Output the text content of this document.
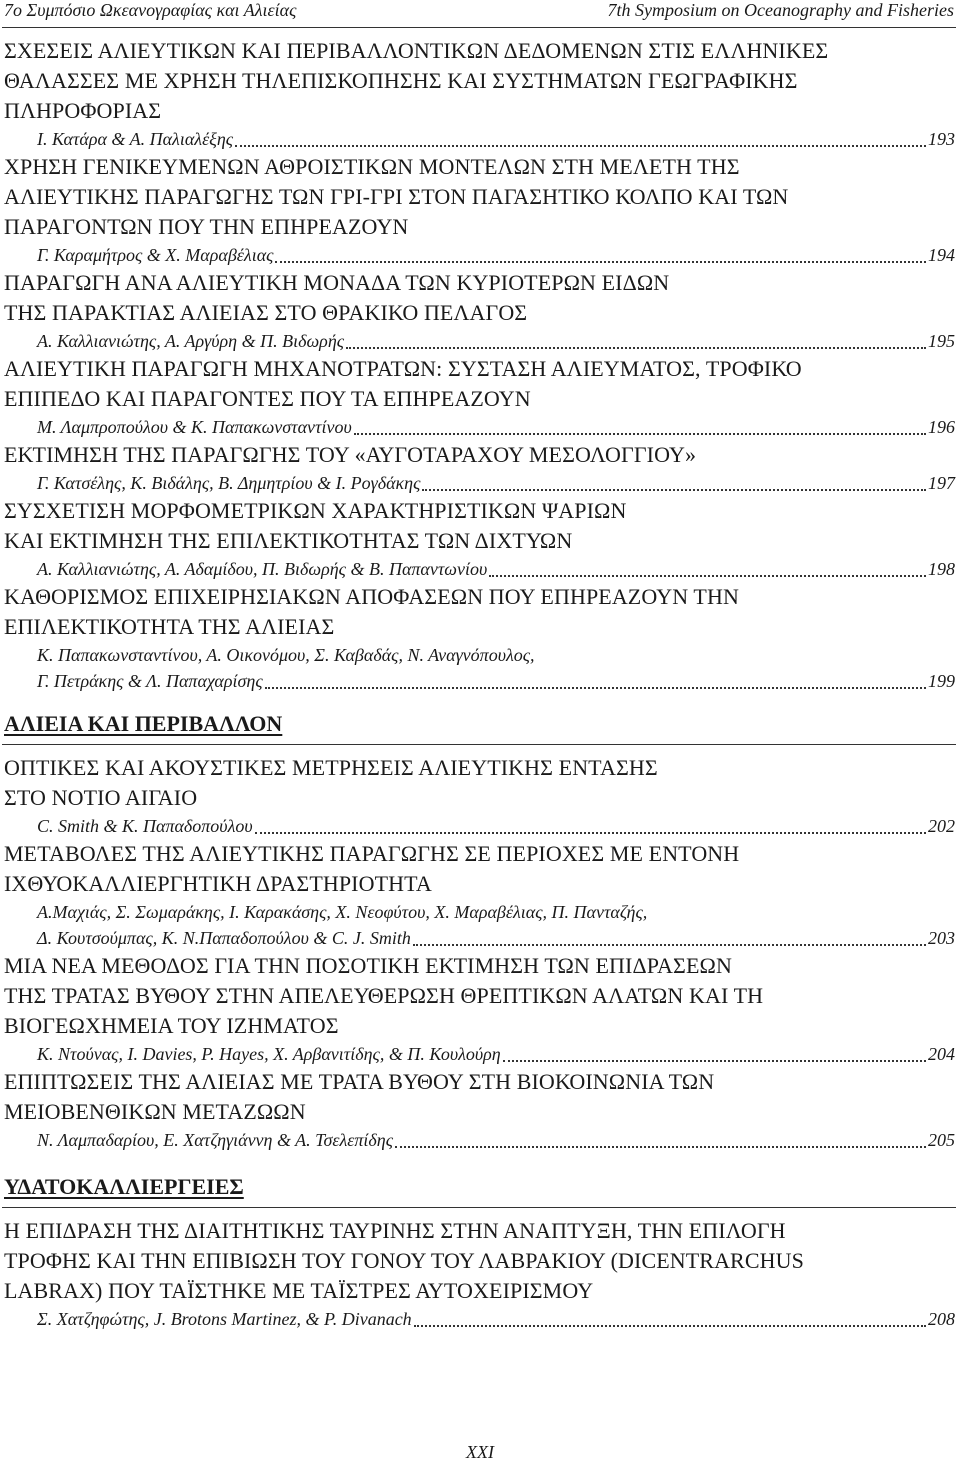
7ο Συμπόσιο Ωκεανογραφίας και Αλιείας	7th Symposium on Oceanography and Fisheries
ΣΧΕΣΕΙΣ ΑΛΙΕΥΤΙΚΩΝ ΚΑΙ ΠΕΡΙΒΑΛΛΟΝΤΙΚΩΝ ΔΕΔΟΜΕΝΩΝ ΣΤΙΣ ΕΛΛΗΝΙΚΕΣ
ΘΑΛΑΣΣΕΣ ΜΕ ΧΡΗΣΗ ΤΗΛΕΠΙΣΚΟΠΗΣΗΣ ΚΑΙ ΣΥΣΤΗΜΑΤΩΝ ΓΕΩΓΡΑΦΙΚΗΣ
ΠΛΗΡΟΦΟΡΙΑΣ
Ι. Κατάρα & Α. Παλιαλέξης	193
ΧΡΗΣΗ ΓΕΝΙΚΕΥΜΕΝΩΝ ΑΘΡΟΙΣΤΙΚΩΝ ΜΟΝΤΕΛΩΝ ΣΤΗ ΜΕΛΕΤΗ ΤΗΣ
ΑΛΙΕΥΤΙΚΗΣ ΠΑΡΑΓΩΓΗΣ ΤΩΝ ΓΡΙ-ΓΡΙ ΣΤΟΝ ΠΑΓΑΣΗΤΙΚΟ ΚΟΛΠΟ ΚΑΙ ΤΩΝ
ΠΑΡΑΓΟΝΤΩΝ ΠΟΥ ΤΗΝ ΕΠΗΡΕΑΖΟΥΝ
Γ. Καραμήτρος & Χ. Μαραβέλιας	194
ΠΑΡΑΓΩΓΗ ΑΝΑ ΑΛΙΕΥΤΙΚΗ ΜΟΝΑΔΑ ΤΩΝ ΚΥΡΙΟΤΕΡΩΝ ΕΙΔΩΝ
ΤΗΣ ΠΑΡΑΚΤΙΑΣ ΑΛΙΕΙΑΣ ΣΤΟ ΘΡΑΚΙΚΟ ΠΕΛΑΓΟΣ
Α. Καλλιανιώτης, Α. Αργύρη & Π. Βιδωρής	195
ΑΛΙΕΥΤΙΚΗ ΠΑΡΑΓΩΓΗ ΜΗΧΑΝΟΤΡΑΤΩΝ: ΣΥΣΤΑΣΗ ΑΛΙΕΥΜΑΤΟΣ, ΤΡΟΦΙΚΟ
ΕΠΙΠΕΔΟ ΚΑΙ ΠΑΡΑΓΟΝΤΕΣ ΠΟΥ ΤΑ ΕΠΗΡΕΑΖΟΥΝ
Μ. Λαμπροπούλου & Κ. Παπακωνσταντίνου	196
ΕΚΤΙΜΗΣΗ ΤΗΣ ΠΑΡΑΓΩΓΗΣ ΤΟΥ «ΑΥΓΟΤΑΡΑΧΟΥ ΜΕΣΟΛΟΓΓΙΟΥ»
Γ. Κατσέλης, Κ. Βιδάλης, Β. Δημητρίου & Ι. Ρογδάκης	197
ΣΥΣΧΕΤΙΣΗ ΜΟΡΦΟΜΕΤΡΙΚΩΝ ΧΑΡΑΚΤΗΡΙΣΤΙΚΩΝ ΨΑΡΙΩΝ
ΚΑΙ ΕΚΤΙΜΗΣΗ ΤΗΣ ΕΠΙΛΕΚΤΙΚΟΤΗΤΑΣ ΤΩΝ ΔΙΧΤΥΩΝ
Α. Καλλιανιώτης, Α. Αδαμίδου, Π. Βιδωρής & Β. Παπαντωνίου	198
ΚΑΘΟΡΙΣΜΟΣ ΕΠΙΧΕΙΡΗΣΙΑΚΩΝ ΑΠΟΦΑΣΕΩΝ ΠΟΥ ΕΠΗΡΕΑΖΟΥΝ ΤΗΝ
ΕΠΙΛΕΚΤΙΚΟΤΗΤΑ ΤΗΣ ΑΛΙΕΙΑΣ
Κ. Παπακωνσταντίνου, Α. Οικονόμου, Σ. Καβαδάς, Ν. Αναγνόπουλος,
Γ. Πετράκης & Λ. Παπαχαρίσης	199
ΑΛΙΕΙΑ ΚΑΙ ΠΕΡΙΒΑΛΛΟΝ
ΟΠΤΙΚΕΣ ΚΑΙ ΑΚΟΥΣΤΙΚΕΣ ΜΕΤΡΗΣΕΙΣ ΑΛΙΕΥΤΙΚΗΣ ΕΝΤΑΣΗΣ
ΣΤΟ ΝΟΤΙΟ ΑΙΓΑΙΟ
C. Smith & Κ. Παπαδοπούλου	202
ΜΕΤΑΒΟΛΕΣ ΤΗΣ ΑΛΙΕΥΤΙΚΗΣ ΠΑΡΑΓΩΓΗΣ ΣΕ ΠΕΡΙΟΧΕΣ ΜΕ ΕΝΤΟΝΗ
ΙΧΘΥΟΚΑΛΛΙΕΡΓΗΤΙΚΗ ΔΡΑΣΤΗΡΙΟΤΗΤΑ
Α.Μαχιάς, Σ. Σωμαράκης, Ι. Καρακάσης, Χ. Νεοφύτου, Χ. Μαραβέλιας, Π. Πανταζής,
Δ. Κουτσούμπας, Κ. Ν.Παπαδοπούλου & C. J. Smith	203
ΜΙΑ ΝΕΑ ΜΕΘΟΔΟΣ ΓΙΑ ΤΗΝ ΠΟΣΟΤΙΚΗ ΕΚΤΙΜΗΣΗ ΤΩΝ ΕΠΙΔΡΑΣΕΩΝ
ΤΗΣ ΤΡΑΤΑΣ ΒΥΘΟΥ ΣΤΗΝ ΑΠΕΛΕΥΘΕΡΩΣΗ ΘΡΕΠΤΙΚΩΝ ΑΛΑΤΩΝ ΚΑΙ ΤΗ
ΒΙΟΓΕΩΧΗΜΕΙΑ ΤΟΥ ΙΖΗΜΑΤΟΣ
Κ. Ντούνας, I. Davies, P. Hayes, Χ. Αρβανιτίδης, & Π. Κουλούρη	204
ΕΠΙΠΤΩΣΕΙΣ ΤΗΣ ΑΛΙΕΙΑΣ ΜΕ ΤΡΑΤΑ ΒΥΘΟΥ ΣΤΗ ΒΙΟΚΟΙΝΩΝΙΑ ΤΩΝ
ΜΕΙΟΒΕΝΘΙΚΩΝ ΜΕΤΑΖΩΩΝ
Ν. Λαμπαδαρίου, Ε. Χατζηγιάννη & Α. Τσελεπίδης	205
ΥΔΑΤΟΚΑΛΛΙΕΡΓΕΙΕΣ
Η ΕΠΙΔΡΑΣΗ ΤΗΣ ΔΙΑΙΤΗΤΙΚΗΣ ΤΑΥΡΙΝΗΣ ΣΤΗΝ ΑΝΑΠΤΥΞΗ, ΤΗΝ ΕΠΙΛΟΓΗ
ΤΡΟΦΗΣ ΚΑΙ ΤΗΝ ΕΠΙΒΙΩΣΗ ΤΟΥ ΓΟΝΟΥ ΤΟΥ ΛΑΒΡΑΚΙΟΥ (DICENTRARCHUS
LABRAX) ΠΟΥ ΤΑΪΣΤΗΚΕ ΜΕ ΤΑΪΣΤΡΕΣ ΑΥΤΟΧΕΙΡΙΣΜΟΥ
Σ. Χατζηφώτης, J. Brotons Martinez, & P. Divanach	208
XXI
